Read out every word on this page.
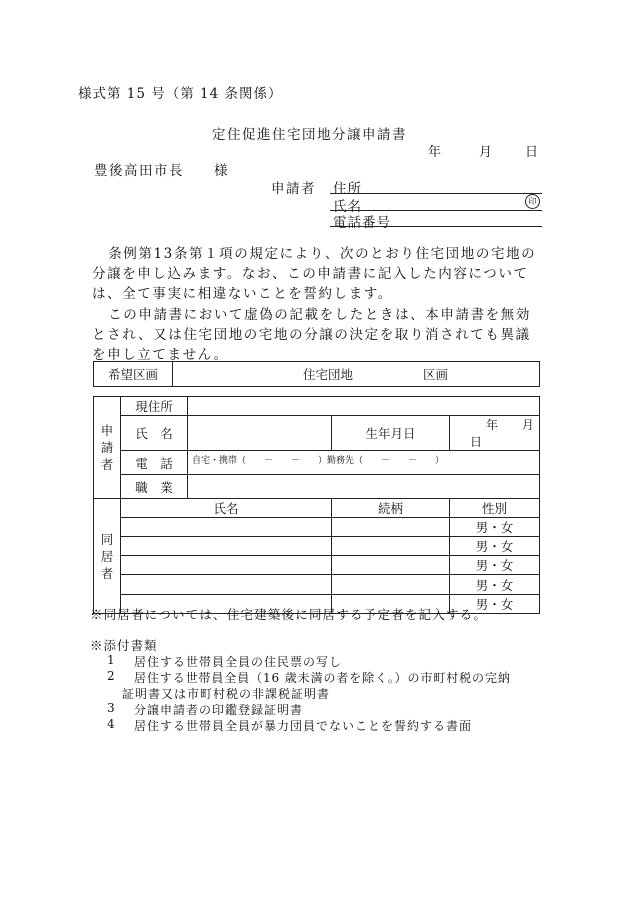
様式第 15 号（第 14 条関係）
定住促進住宅団地分譲申請書
年	月	日
豊後高田市長　　様
申請者 住所
氏名	印
電話番号
条例第13条第１項の規定により、次のとおり住宅団地の宅地の分譲を申し込みます。なお、この申請書に記入した内容については、全て事実に相違ないことを誓約します。
この申請書において虚偽の記載をしたときは、本申請書を無効とされ、又は住宅団地の宅地の分譲の決定を取り消されても異議を申し立てません。
希望区画	住宅団地	区画
申
請
者	現住所			
	氏　名		生年月日	年 月 日
	電　話	自宅・携帯（　　－　　－　　）勤務先（　　－　　－　　）		
	職　業			

同
居
者	氏名		続柄	性別
				男・女
				男・女
				男・女
				男・女
				男・女
※同居者については、住宅建築後に同居する予定者を記入する。
※添付書類
1 居住する世帯員全員の住民票の写し
2 居住する世帯員全員（16 歳未満の者を除く。）の市町村税の完納
証明書又は市町村税の非課税証明書
3 分譲申請者の印鑑登録証明書
4 居住する世帯員全員が暴力団員でないことを誓約する書面
